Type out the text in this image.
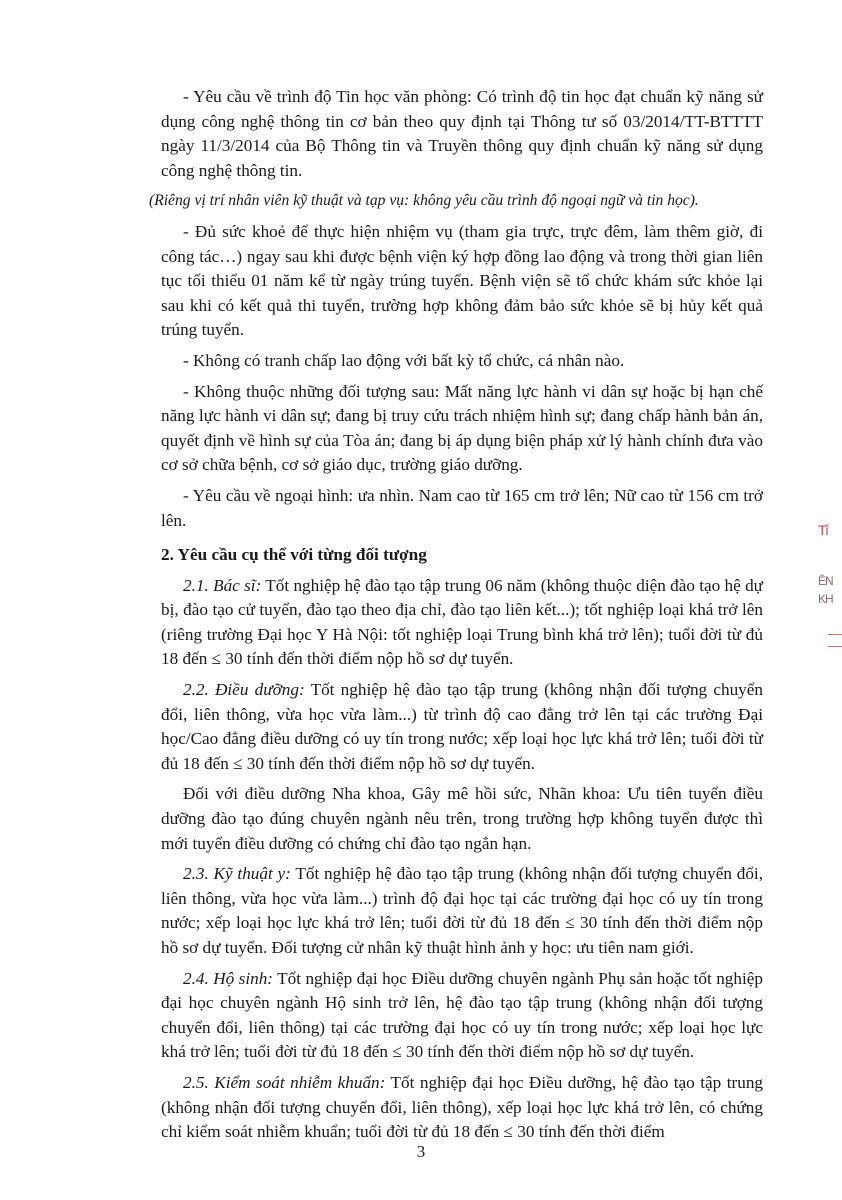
- Yêu cầu về trình độ Tin học văn phòng: Có trình độ tin học đạt chuẩn kỹ năng sử dụng công nghệ thông tin cơ bản theo quy định tại Thông tư số 03/2014/TT-BTTTT ngày 11/3/2014 của Bộ Thông tin và Truyền thông quy định chuẩn kỹ năng sử dụng công nghệ thông tin.

(Riêng vị trí nhân viên kỹ thuật và tạp vụ: không yêu cầu trình độ ngoại ngữ và tin học).

- Đủ sức khoẻ để thực hiện nhiệm vụ (tham gia trực, trực đêm, làm thêm giờ, đi công tác…) ngay sau khi được bệnh viện ký hợp đồng lao động và trong thời gian liên tục tối thiểu 01 năm kể từ ngày trúng tuyển. Bệnh viện sẽ tổ chức khám sức khỏe lại sau khi có kết quả thi tuyển, trường hợp không đảm bảo sức khỏe sẽ bị hủy kết quả trúng tuyển.

- Không có tranh chấp lao động với bất kỳ tổ chức, cá nhân nào.

- Không thuộc những đối tượng sau: Mất năng lực hành vi dân sự hoặc bị hạn chế năng lực hành vi dân sự; đang bị truy cứu trách nhiệm hình sự; đang chấp hành bản án, quyết định về hình sự của Tòa án; đang bị áp dụng biện pháp xử lý hành chính đưa vào cơ sở chữa bệnh, cơ sở giáo dục, trường giáo dưỡng.

- Yêu cầu về ngoại hình: ưa nhìn. Nam cao từ 165 cm trở lên; Nữ cao từ 156 cm trở lên.

2. Yêu cầu cụ thể với từng đối tượng

2.1. Bác sĩ: Tốt nghiệp hệ đào tạo tập trung 06 năm (không thuộc diện đào tạo hệ dự bị, đào tạo cử tuyển, đào tạo theo địa chỉ, đào tạo liên kết...); tốt nghiệp loại khá trở lên (riêng trường Đại học Y Hà Nội: tốt nghiệp loại Trung bình khá trở lên); tuổi đời từ đủ 18 đến ≤ 30 tính đến thời điểm nộp hồ sơ dự tuyển.

2.2. Điều dưỡng: Tốt nghiệp hệ đào tạo tập trung (không nhận đối tượng chuyển đổi, liên thông, vừa học vừa làm...) từ trình độ cao đẳng trở lên tại các trường Đại học/Cao đẳng điều dưỡng có uy tín trong nước; xếp loại học lực khá trở lên; tuổi đời từ đủ 18 đến ≤ 30 tính đến thời điểm nộp hồ sơ dự tuyển.

Đối với điều dưỡng Nha khoa, Gây mê hồi sức, Nhãn khoa: Ưu tiên tuyển điều dưỡng đào tạo đúng chuyên ngành nêu trên, trong trường hợp không tuyển được thì mới tuyển điều dưỡng có chứng chỉ đào tạo ngắn hạn.

2.3. Kỹ thuật y: Tốt nghiệp hệ đào tạo tập trung (không nhận đối tượng chuyển đổi, liên thông, vừa học vừa làm...) trình độ đại học tại các trường đại học có uy tín trong nước; xếp loại học lực khá trở lên; tuổi đời từ đủ 18 đến ≤ 30 tính đến thời điểm nộp hồ sơ dự tuyển. Đối tượng cử nhân kỹ thuật hình ảnh y học: ưu tiên nam giới.

2.4. Hộ sinh: Tốt nghiệp đại học Điều dưỡng chuyên ngành Phụ sản hoặc tốt nghiệp đại học chuyên ngành Hộ sinh trở lên, hệ đào tạo tập trung (không nhận đối tượng chuyển đổi, liên thông) tại các trường đại học có uy tín trong nước; xếp loại học lực khá trở lên; tuổi đời từ đủ 18 đến ≤ 30 tính đến thời điểm nộp hồ sơ dự tuyển.

2.5. Kiểm soát nhiễm khuẩn: Tốt nghiệp đại học Điều dưỡng, hệ đào tạo tập trung (không nhận đối tượng chuyển đổi, liên thông), xếp loại học lực khá trở lên, có chứng chỉ kiểm soát nhiễm khuẩn; tuổi đời từ đủ 18 đến ≤ 30 tính đến thời điểm

Tỉ
ÊN
KH
3
